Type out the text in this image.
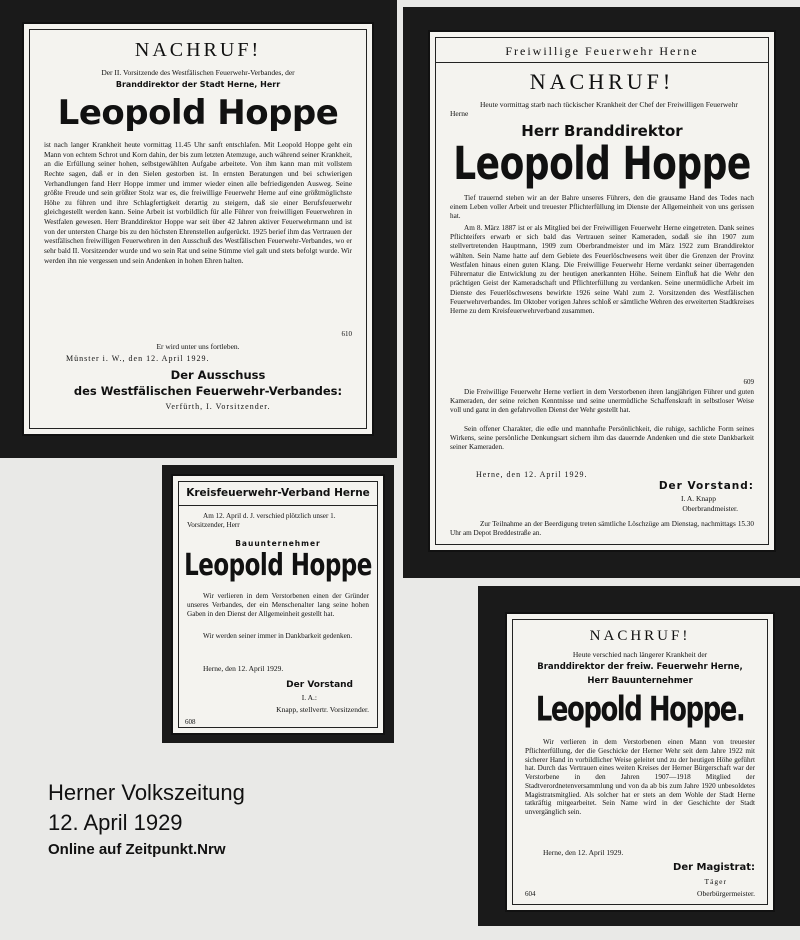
NACHRUF!
Der II. Vorsitzende des Westfälischen Feuerwehr-Verbandes, der
Branddirektor der Stadt Herne, Herr
Leopold Hoppe
ist nach langer Krankheit heute vormittag 11.45 Uhr sanft entschlafen. Mit Leopold Hoppe geht ein Mann von echtem Schrot und Korn dahin, der bis zum letzten Atemzuge, auch während seiner Krankheit, an die Erfüllung seiner hohen, selbstgewählten Aufgabe arbeitete. Von ihm kann man mit vollstem Rechte sagen, daß er in den Sielen gestorben ist. In ernsten Beratungen und bei schwierigen Verhandlungen fand Herr Hoppe immer und immer wieder einen alle befriedigenden Ausweg. Seine größte Freude und sein größter Stolz war es, die freiwillige Feuerwehr Herne auf eine größtmöglichste Höhe zu führen und ihre Schlagfertigkeit derartig zu steigern, daß sie einer Berufsfeuerwehr gleichgestellt werden kann. Seine Arbeit ist vorbildlich für alle Führer von freiwilligen Feuerwehren in Westfalen gewesen. Herr Branddirektor Hoppe war seit über 42 Jahren aktiver Feuerwehrmann und ist von der untersten Charge bis zu den höchsten Ehrenstellen aufgerückt. 1925 berief ihm das Vertrauen der westfälischen freiwilligen Feuerwehren in den Ausschuß des Westfälischen Feuerwehr-Verbandes, wo er sehr bald II. Vorsitzender wurde und wo sein Rat und seine Stimme viel galt und stets befolgt wurde. Wir werden ihn nie vergessen und sein Andenken in hohen Ehren halten.
610
Er wird unter uns fortleben.
Münster i. W., den 12. April 1929.
Der Ausschuss
des Westfälischen Feuerwehr-Verbandes:
Verfürth, I. Vorsitzender.
Freiwillige Feuerwehr Herne
NACHRUF!
Heute vormittag starb nach tückischer Krankheit der Chef der Freiwilligen Feuerwehr Herne
Herr Branddirektor
Leopold Hoppe
Tief trauernd stehen wir an der Bahre unseres Führers, den die grausame Hand des Todes nach einem Leben voller Arbeit und treuester Pflichterfüllung im Dienste der Allgemeinheit von uns gerissen hat.
Am 8. März 1887 ist er als Mitglied bei der Freiwilligen Feuerwehr Herne eingetreten. Dank seines Pflichteifers erwarb er sich bald das Vertrauen seiner Kameraden, sodaß sie ihn 1907 zum stellvertretenden Hauptmann, 1909 zum Oberbrandmeister und im März 1922 zum Branddirektor wählten. Sein Name hatte auf dem Gebiete des Feuerlöschwesens weit über die Grenzen der Provinz Westfalen hinaus einen guten Klang. Die Freiwillige Feuerwehr Herne verdankt seiner überragenden Führernatur die Entwicklung zu der heutigen anerkannten Höhe. Seinem Einfluß hat die Wehr den prächtigen Geist der Kameradschaft und Pflichterfüllung zu verdanken. Seine unermüdliche Arbeit im Dienste des Feuerlöschwesens bewirkte 1926 seine Wahl zum 2. Vorsitzenden des Westfälischen Feuerwehrverbandes. Im Oktober vorigen Jahres schloß er sämtliche Wehren des erweiterten Stadtkreises Herne zu dem Kreisfeuerwehrverband zusammen.
609
Die Freiwillige Feuerwehr Herne verliert in dem Verstorbenen ihren langjährigen Führer und guten Kameraden, der seine reichen Kenntnisse und seine unermüdliche Schaffenskraft in selbstloser Weise voll und ganz in den gefahrvollen Dienst der Wehr gestellt hat.
Sein offener Charakter, die edle und mannhafte Persönlichkeit, die ruhige, sachliche Form seines Wirkens, seine persönliche Denkungsart sichern ihm das dauernde Andenken und die stete Dankbarkeit seiner Kameraden.
Herne, den 12. April 1929.
Der Vorstand:
I. A. Knapp
Oberbrandmeister.
Zur Teilnahme an der Beerdigung treten sämtliche Löschzüge am Dienstag, nachmittags 15.30 Uhr am Depot Breddestraße an.
Kreisfeuerwehr-Verband Herne
Am 12. April d. J. verschied plötzlich unser 1. Vorsitzender, Herr
Bauunternehmer
Leopold Hoppe
Wir verlieren in dem Verstorbenen einen der Gründer unseres Verbandes, der ein Menschenalter lang seine hohen Gaben in den Dienst der Allgemeinheit gestellt hat.
Wir werden seiner immer in Dankbarkeit gedenken.
Herne, den 12. April 1929.
Der Vorstand
I. A.:
Knapp, stellvertr. Vorsitzender.
608
NACHRUF!
Heute verschied nach längerer Krankheit der
Branddirektor der freiw. Feuerwehr Herne,
Herr Bauunternehmer
Leopold Hoppe.
Wir verlieren in dem Verstorbenen einen Mann von treuester Pflichterfüllung, der die Geschicke der Herner Wehr seit dem Jahre 1922 mit sicherer Hand in vorbildlicher Weise geleitet und zu der heutigen Höhe geführt hat. Durch das Vertrauen eines weiten Kreises der Herner Bürgerschaft war der Verstorbene in den Jahren 1907—1918 Mitglied der Stadtverordnetenversammlung und von da ab bis zum Jahre 1920 unbesoldetes Magistratsmitglied. Als solcher hat er stets an dem Wohle der Stadt Herne tatkräftig mitgearbeitet. Sein Name wird in der Geschichte der Stadt unvergänglich sein.
Herne, den 12. April 1929.
Der Magistrat:
Täger
Oberbürgermeister.
604
Herner Volkszeitung
12. April 1929
Online auf Zeitpunkt.Nrw
